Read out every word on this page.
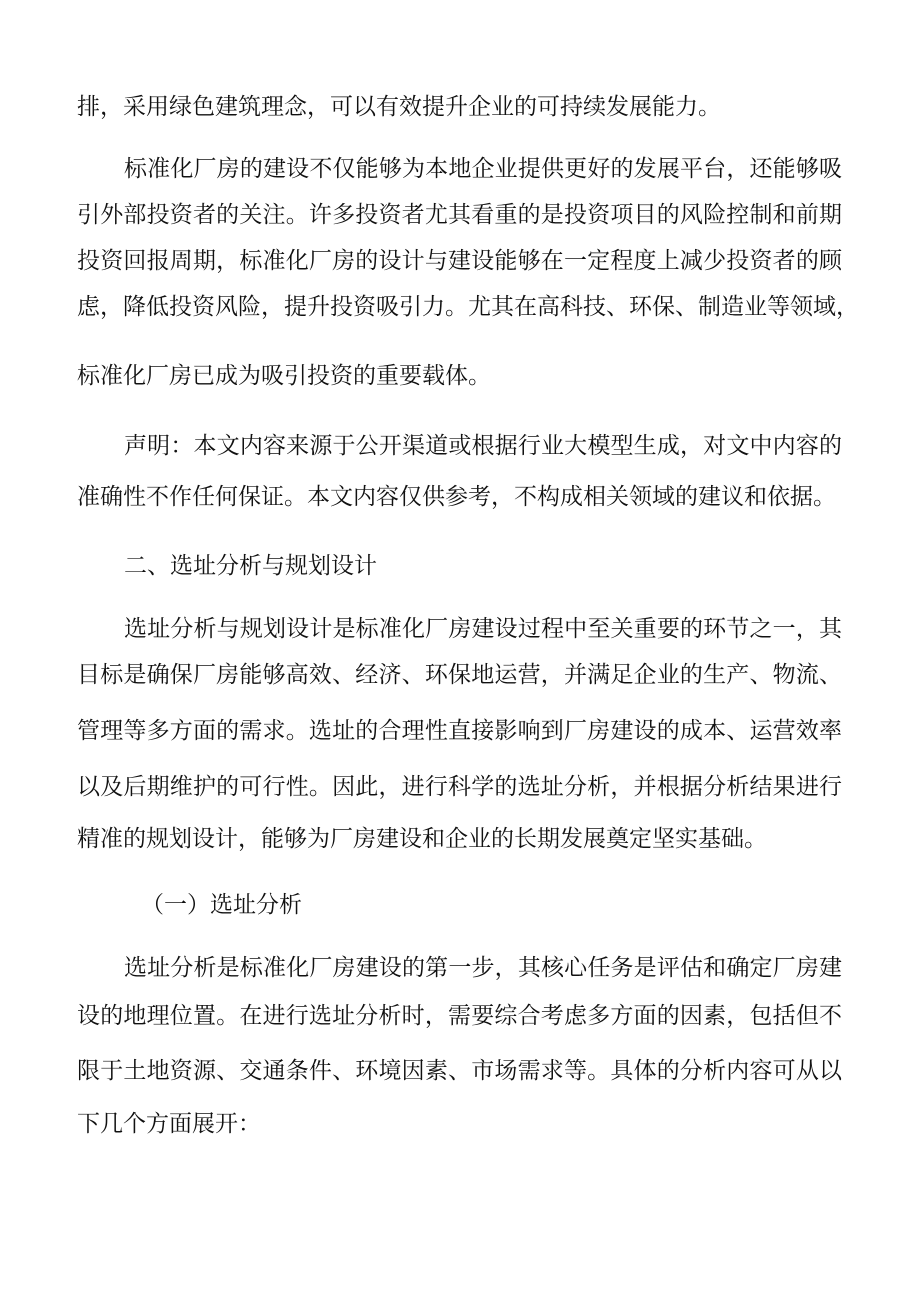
排，采用绿色建筑理念，可以有效提升企业的可持续发展能力。
标准化厂房的建设不仅能够为本地企业提供更好的发展平台，还能够吸
引外部投资者的关注。许多投资者尤其看重的是投资项目的风险控制和前期
投资回报周期，标准化厂房的设计与建设能够在一定程度上减少投资者的顾
虑，降低投资风险，提升投资吸引力。尤其在高科技、环保、制造业等领域，
标准化厂房已成为吸引投资的重要载体。
声明：本文内容来源于公开渠道或根据行业大模型生成，对文中内容的
准确性不作任何保证。本文内容仅供参考，不构成相关领域的建议和依据。
二、选址分析与规划设计
选址分析与规划设计是标准化厂房建设过程中至关重要的环节之一，其
目标是确保厂房能够高效、经济、环保地运营，并满足企业的生产、物流、
管理等多方面的需求。选址的合理性直接影响到厂房建设的成本、运营效率
以及后期维护的可行性。因此，进行科学的选址分析，并根据分析结果进行
精准的规划设计，能够为厂房建设和企业的长期发展奠定坚实基础。
（一）选址分析
选址分析是标准化厂房建设的第一步，其核心任务是评估和确定厂房建
设的地理位置。在进行选址分析时，需要综合考虑多方面的因素，包括但不
限于土地资源、交通条件、环境因素、市场需求等。具体的分析内容可从以
下几个方面展开：
